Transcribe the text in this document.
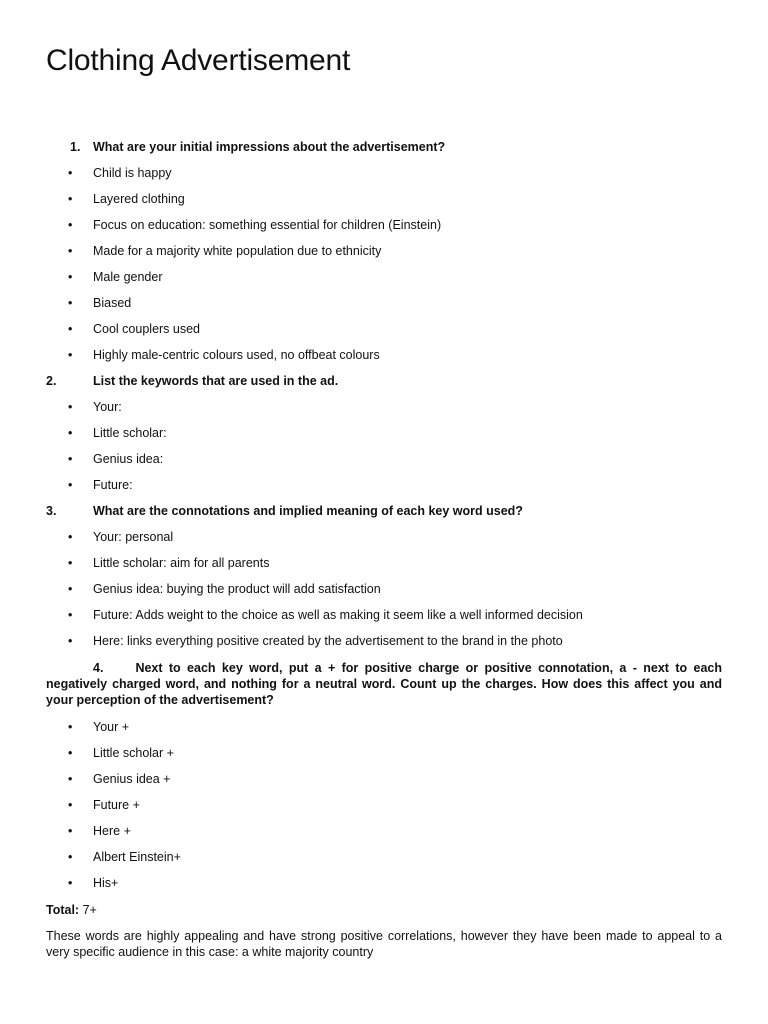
Clothing Advertisement
1. What are your initial impressions about the advertisement?
•
Child is happy
•
Layered clothing
•
Focus on education: something essential for children (Einstein)
•
Made for a majority white population due to ethnicity
•
Male gender
•
Biased
•
Cool couplers used
•
Highly male-centric colours used, no offbeat colours
2.	List the keywords that are used in the ad.
•
Your:
•
Little scholar:
•
Genius idea:
•
Future:
3.	What are the connotations and implied meaning of each key word used?
•
Your: personal
•
Little scholar: aim for all parents
•
Genius idea: buying the product will add satisfaction
•
Future: Adds weight to the choice as well as making it seem like a well informed decision
•
Here: links everything positive created by the advertisement to the brand in the photo
4.	Next to each key word, put a + for positive charge or positive connotation, a - next to each negatively charged word, and nothing for a neutral word. Count up the charges. How does this affect you and your perception of the advertisement?
•
Your +
•
Little scholar +
•
Genius idea +
•
Future +
•
Here +
•
Albert Einstein+
•
His+
Total: 7+
These words are highly appealing and have strong positive correlations, however they have been made to appeal to a very specific audience in this case: a white majority country
